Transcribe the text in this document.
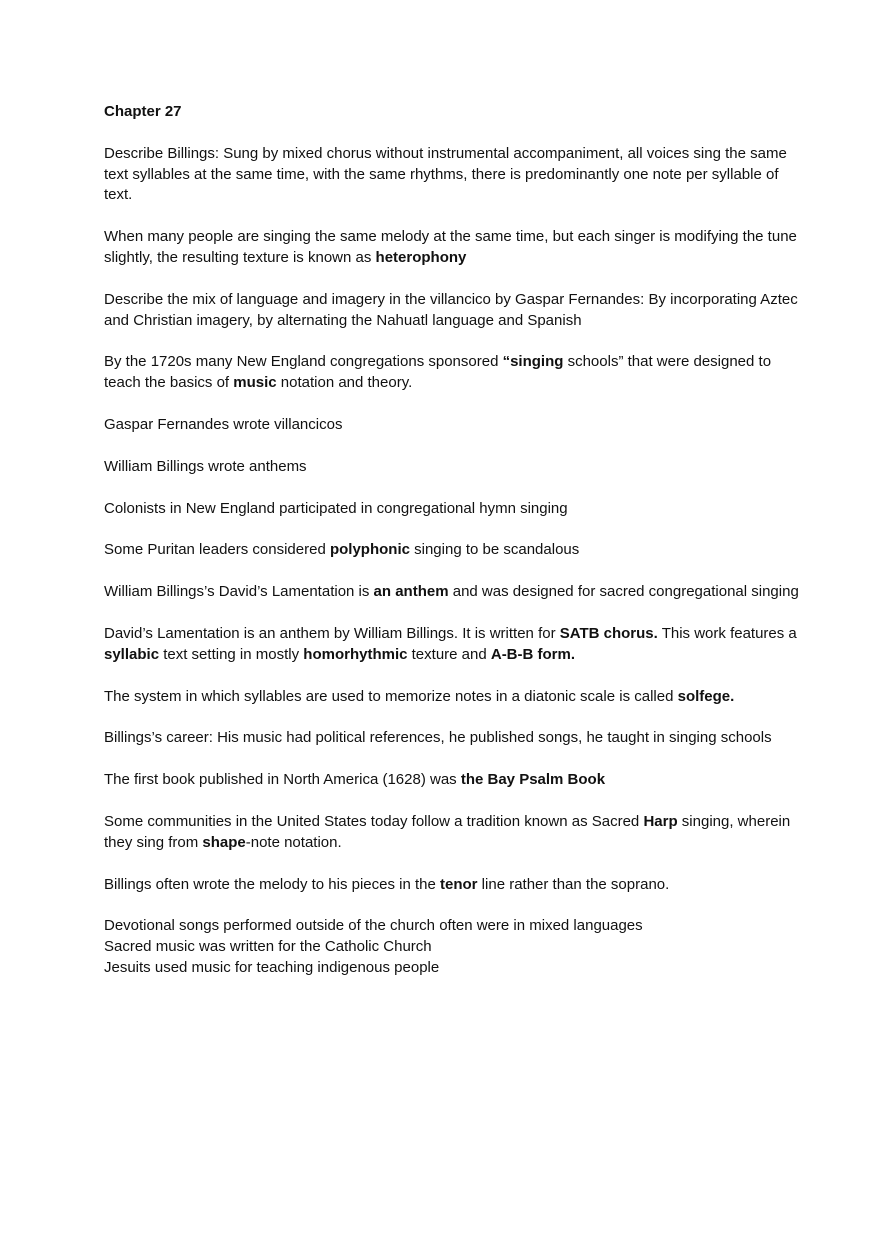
Chapter 27
Describe Billings: Sung by mixed chorus without instrumental accompaniment, all voices sing the same text syllables at the same time, with the same rhythms, there is predominantly one note per syllable of text.
When many people are singing the same melody at the same time, but each singer is modifying the tune slightly, the resulting texture is known as heterophony
Describe the mix of language and imagery in the villancico by Gaspar Fernandes: By incorporating Aztec and Christian imagery, by alternating the Nahuatl language and Spanish
By the 1720s many New England congregations sponsored “singing schools” that were designed to teach the basics of music notation and theory.
Gaspar Fernandes wrote villancicos
William Billings wrote anthems
Colonists in New England participated in congregational hymn singing
Some Puritan leaders considered polyphonic singing to be scandalous
William Billings’s David’s Lamentation is an anthem and was designed for sacred congregational singing
David’s Lamentation is an anthem by William Billings. It is written for SATB chorus. This work features a syllabic text setting in mostly homorhythmic texture and A-B-B form.
The system in which syllables are used to memorize notes in a diatonic scale is called solfege.
Billings’s career: His music had political references, he published songs, he taught in singing schools
The first book published in North America (1628) was the Bay Psalm Book
Some communities in the United States today follow a tradition known as Sacred Harp singing, wherein they sing from shape-note notation.
Billings often wrote the melody to his pieces in the tenor line rather than the soprano.
Devotional songs performed outside of the church often were in mixed languages
Sacred music was written for the Catholic Church
Jesuits used music for teaching indigenous people
